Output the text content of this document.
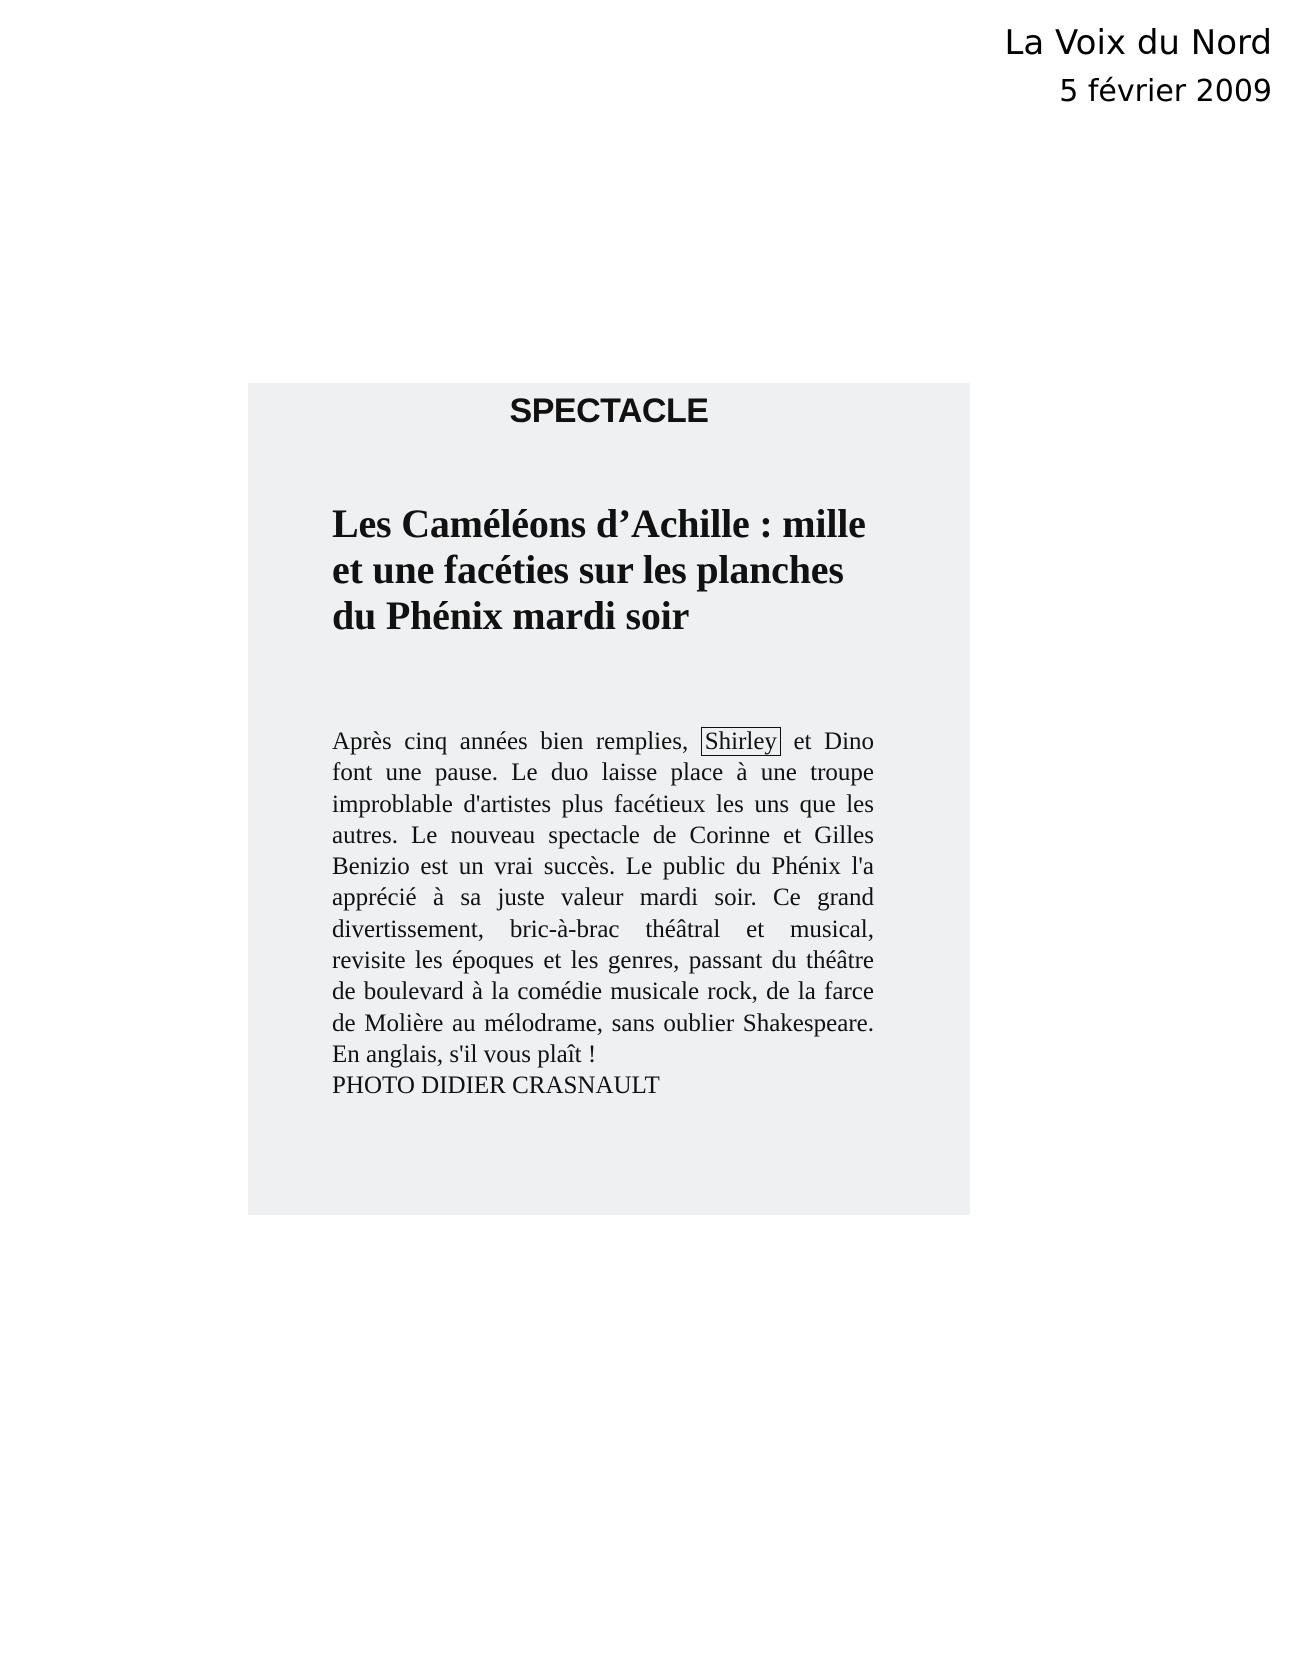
La Voix du Nord
5 février 2009
SPECTACLE
Les Caméléons d’Achille : mille et une facéties sur les planches du Phénix mardi soir

Après cinq années bien remplies, Shirley et Dino font une pause. Le duo laisse place à une troupe improblable d'artistes plus facétieux les uns que les autres. Le nouveau spectacle de Corinne et Gilles Benizio est un vrai succès. Le public du Phénix l'a apprécié à sa juste valeur mardi soir. Ce grand divertissement, bric-à-brac théâtral et musical, revisite les époques et les genres, passant du théâtre de boulevard à la comédie musicale rock, de la farce de Molière au mélodrame, sans oublier Shakespeare. En anglais, s'il vous plaît !
PHOTO DIDIER CRASNAULT
